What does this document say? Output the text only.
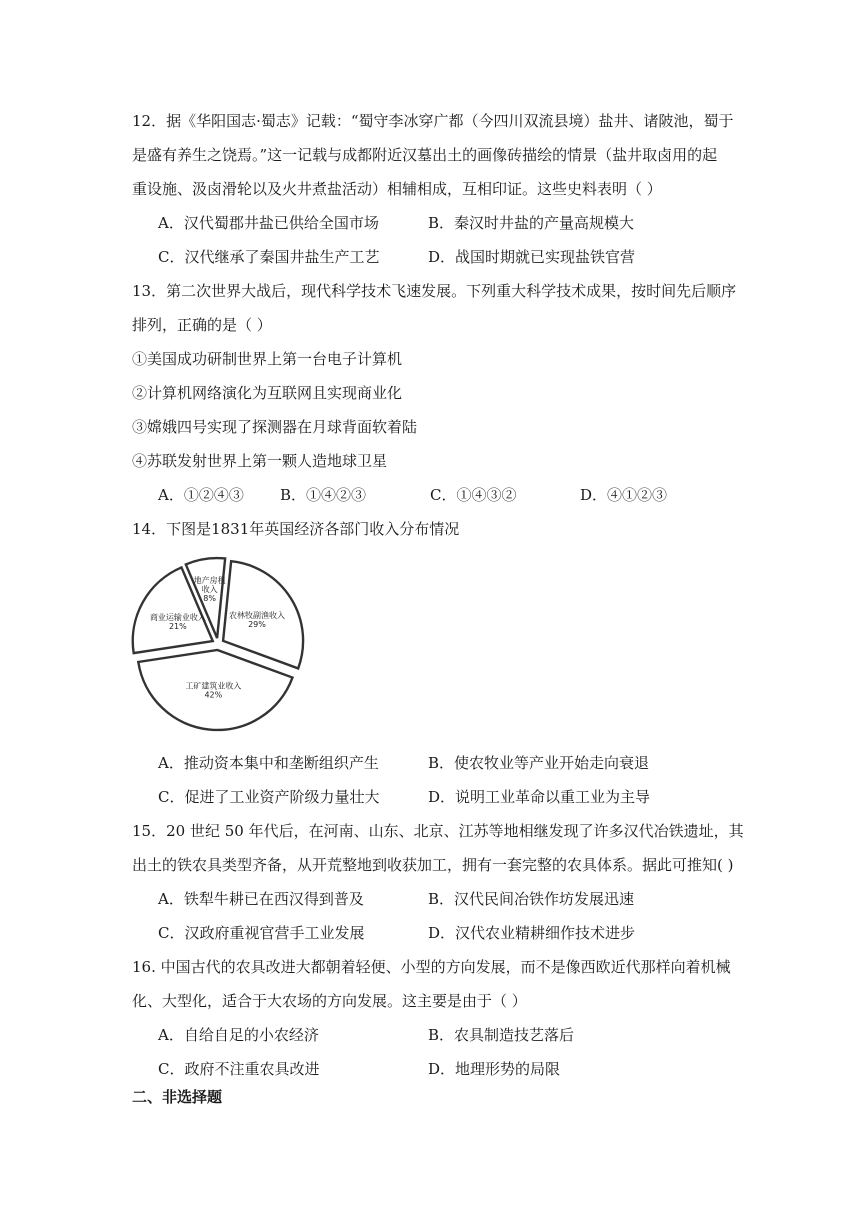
12．据《华阳国志·蜀志》记载：“蜀守李冰穿广都（今四川双流县境）盐井、诸陂池，蜀于
是盛有养生之饶焉。”这一记载与成都附近汉墓出土的画像砖描绘的情景（盐井取卤用的起
重设施、汲卤滑轮以及火井煮盐活动）相辅相成，互相印证。这些史料表明（ ）
A．汉代蜀郡井盐已供给全国市场	B．秦汉时井盐的产量高规模大
C．汉代继承了秦国井盐生产工艺	D．战国时期就已实现盐铁官营
13．第二次世界大战后，现代科学技术飞速发展。下列重大科学技术成果，按时间先后顺序
排列，正确的是（ ）
①美国成功研制世界上第一台电子计算机
②计算机网络演化为互联网且实现商业化
③嫦娥四号实现了探测器在月球背面软着陆
④苏联发射世界上第一颗人造地球卫星
A．①②④③ B．①④②③	C．①④③②	D．④①②③
14．下图是1831年英国经济各部门收入分布情况
农林牧副渔收入 29%
工矿建筑业收入 42%
商业运输业收入 21%
地产房租收入 8%
A．推动资本集中和垄断组织产生	B．使农牧业等产业开始走向衰退
C．促进了工业资产阶级力量壮大	D．说明工业革命以重工业为主导
15．20 世纪 50 年代后，在河南、山东、北京、江苏等地相继发现了许多汉代冶铁遗址，其
出土的铁农具类型齐备，从开荒整地到收获加工，拥有一套完整的农具体系。据此可推知( )
A．铁犁牛耕已在西汉得到普及	B．汉代民间冶铁作坊发展迅速
C．汉政府重视官营手工业发展	D．汉代农业精耕细作技术进步
16. 中国古代的农具改进大都朝着轻便、小型的方向发展，而不是像西欧近代那样向着机械
化、大型化，适合于大农场的方向发展。这主要是由于（ ）
A．自给自足的小农经济	B．农具制造技艺落后
C．政府不注重农具改进	D．地理形势的局限
二、非选择题
